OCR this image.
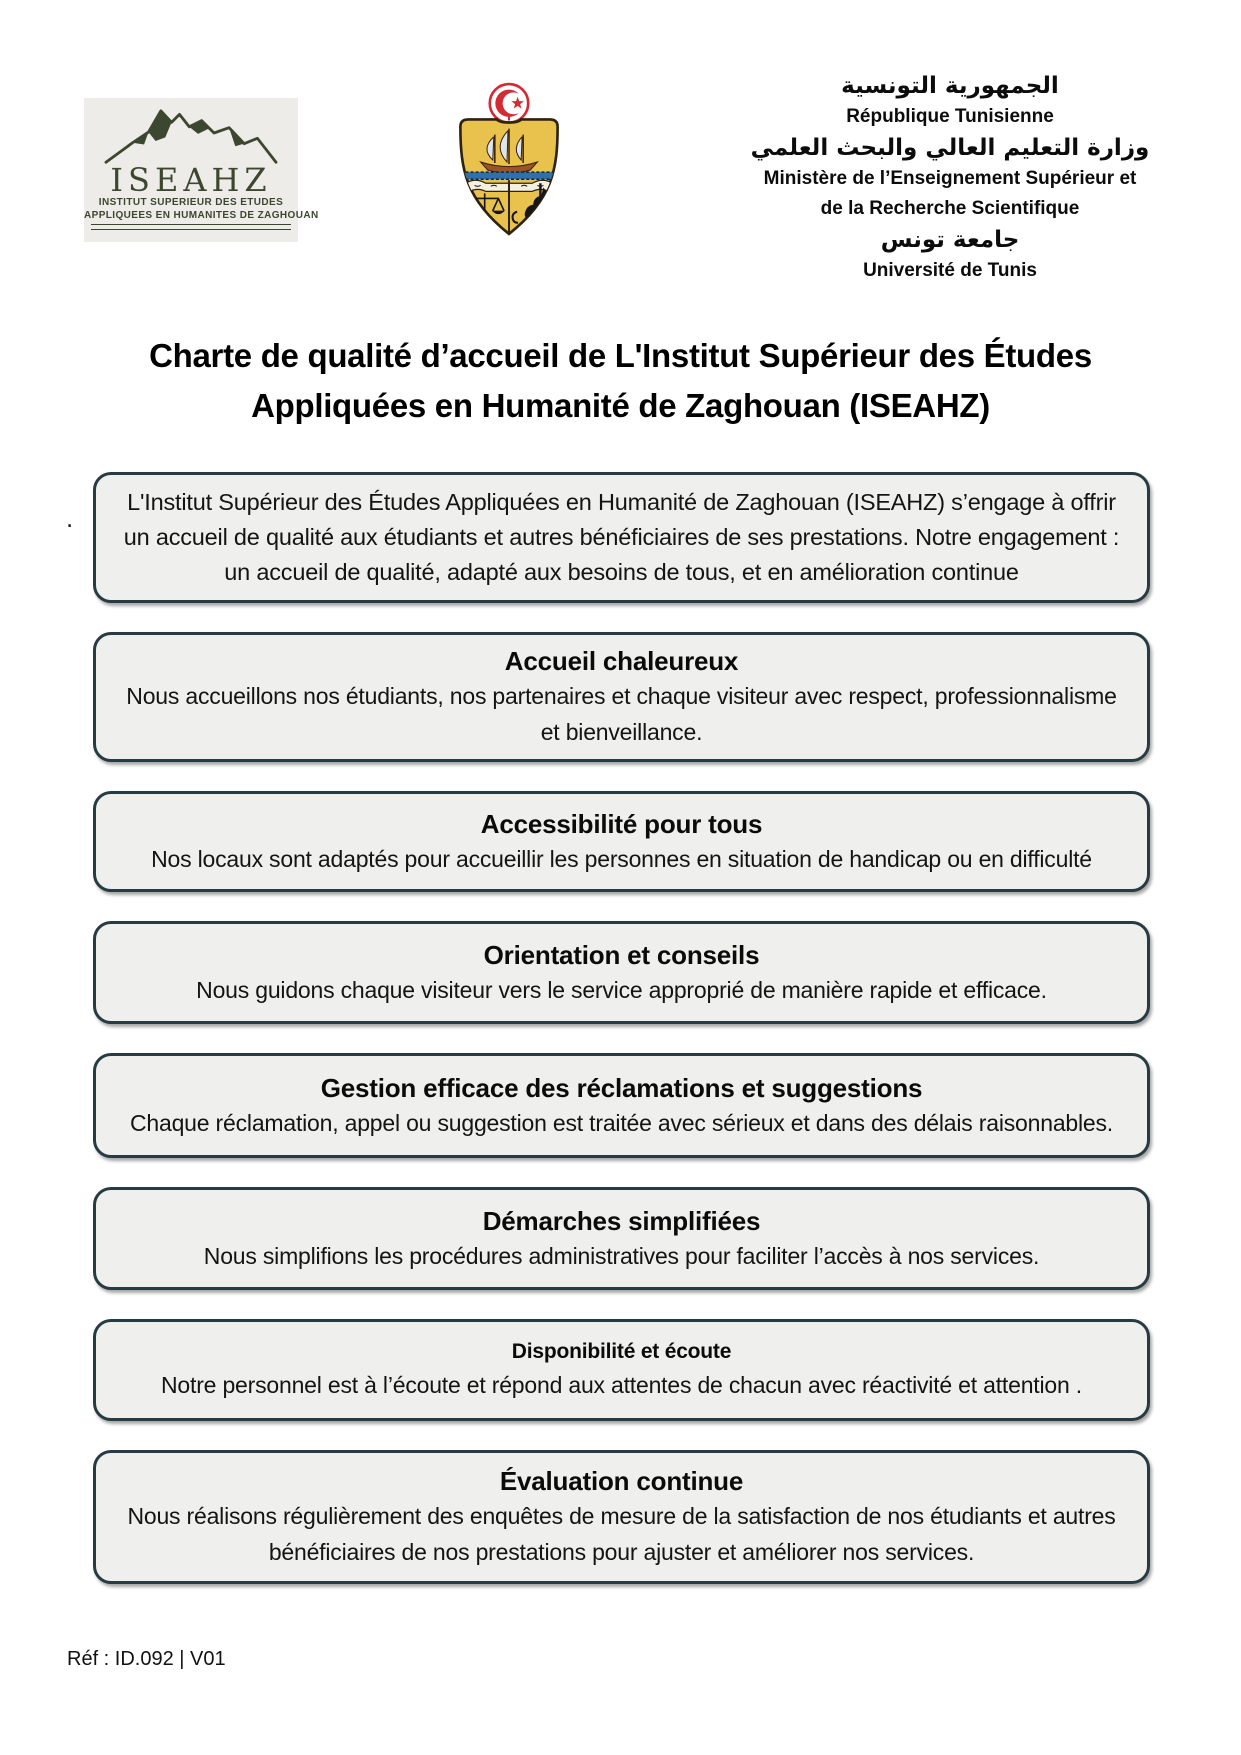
ISEAHZ
INSTITUT SUPERIEUR DES ETUDES
APPLIQUEES EN HUMANITES DE ZAGHOUAN
الجمهورية التونسية
République Tunisienne
وزارة التعليم العالي والبحث العلمي
Ministère de l’Enseignement Supérieur et
de la Recherche Scientifique
جامعة تونس
Université de Tunis
Charte de qualité d’accueil de L'Institut Supérieur des Études
Appliquées en Humanité de Zaghouan (ISEAHZ)
.

L'Institut Supérieur des Études Appliquées en Humanité de Zaghouan (ISEAHZ) s’engage à offrir un accueil de qualité aux étudiants et autres bénéficiaires de ses prestations. Notre engagement : un accueil de qualité, adapté aux besoins de tous, et en amélioration continue

Accueil chaleureux

Nous accueillons nos étudiants, nos partenaires et chaque visiteur avec respect, professionnalisme et bienveillance.

Accessibilité pour tous

Nos locaux sont adaptés pour accueillir les personnes en situation de handicap ou en difficulté

Orientation et conseils

Nous guidons chaque visiteur vers le service approprié de manière rapide et efficace.

Gestion efficace des réclamations et suggestions

Chaque réclamation, appel ou suggestion est traitée avec sérieux et dans des délais raisonnables.

Démarches simplifiées

Nous simplifions les procédures administratives pour faciliter l’accès à nos services.

Disponibilité et écoute

Notre personnel est à l’écoute et répond aux attentes de chacun avec réactivité et attention .

Évaluation continue

Nous réalisons régulièrement des enquêtes de mesure de la satisfaction de nos étudiants et autres bénéficiaires de nos prestations pour ajuster et améliorer nos services.

Réf : ID.092 | V01
